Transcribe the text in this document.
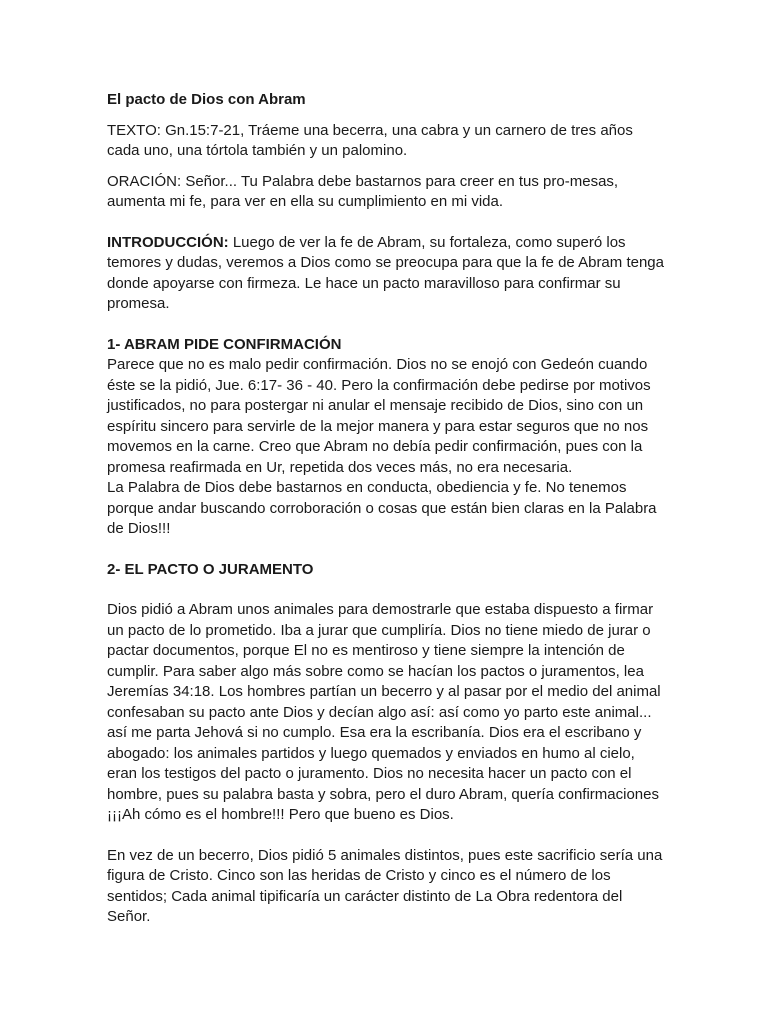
El pacto de Dios con Abram

TEXTO: Gn.15:7-21, Tráeme una becerra, una cabra y un carnero de tres años cada uno, una tórtola también y un palomino.

ORACIÓN: Señor... Tu Palabra debe bastarnos para creer en tus pro-mesas, aumenta mi fe, para ver en ella su cumplimiento en mi vida.

INTRODUCCIÓN: Luego de ver la fe de Abram, su fortaleza, como superó los temores y dudas, veremos a Dios como se preocupa para que la fe de Abram tenga donde apoyarse con firmeza. Le hace un pacto maravilloso para confirmar su promesa.

1- ABRAM PIDE CONFIRMACIÓN

Parece que no es malo pedir confirmación. Dios no se enojó con Gedeón cuando éste se la pidió, Jue. 6:17- 36 - 40. Pero la confirmación debe pedirse por motivos justificados, no para postergar ni anular el mensaje recibido de Dios, sino con un espíritu sincero para servirle de la mejor manera y para estar seguros que no nos movemos en la carne. Creo que Abram no debía pedir confirmación, pues con la promesa reafirmada en Ur, repetida dos veces más, no era necesaria.

La Palabra de Dios debe bastarnos en conducta, obediencia y fe. No tenemos porque andar buscando corroboración o cosas que están bien claras en la Palabra de Dios!!!

2- EL PACTO O JURAMENTO

Dios pidió a Abram unos animales para demostrarle que estaba dispuesto a firmar un pacto de lo prometido. Iba a jurar que cumpliría. Dios no tiene miedo de jurar o pactar documentos, porque El no es mentiroso y tiene siempre la intención de cumplir. Para saber algo más sobre como se hacían los pactos o juramentos, lea Jeremías 34:18. Los hombres partían un becerro y al pasar por el medio del animal confesaban su pacto ante Dios y decían algo así: así como yo parto este animal... así me parta Jehová si no cumplo. Esa era la escribanía. Dios era el escribano y abogado: los animales partidos y luego quemados y enviados en humo al cielo, eran los testigos del pacto o juramento. Dios no necesita hacer un pacto con el hombre, pues su palabra basta y sobra, pero el duro Abram, quería confirmaciones ¡¡¡Ah cómo es el hombre!!! Pero que bueno es Dios.

En vez de un becerro, Dios pidió 5 animales distintos, pues este sacrificio sería una figura de Cristo. Cinco son las heridas de Cristo y cinco es el número de los sentidos; Cada animal tipificaría un carácter distinto de La Obra redentora del Señor.
